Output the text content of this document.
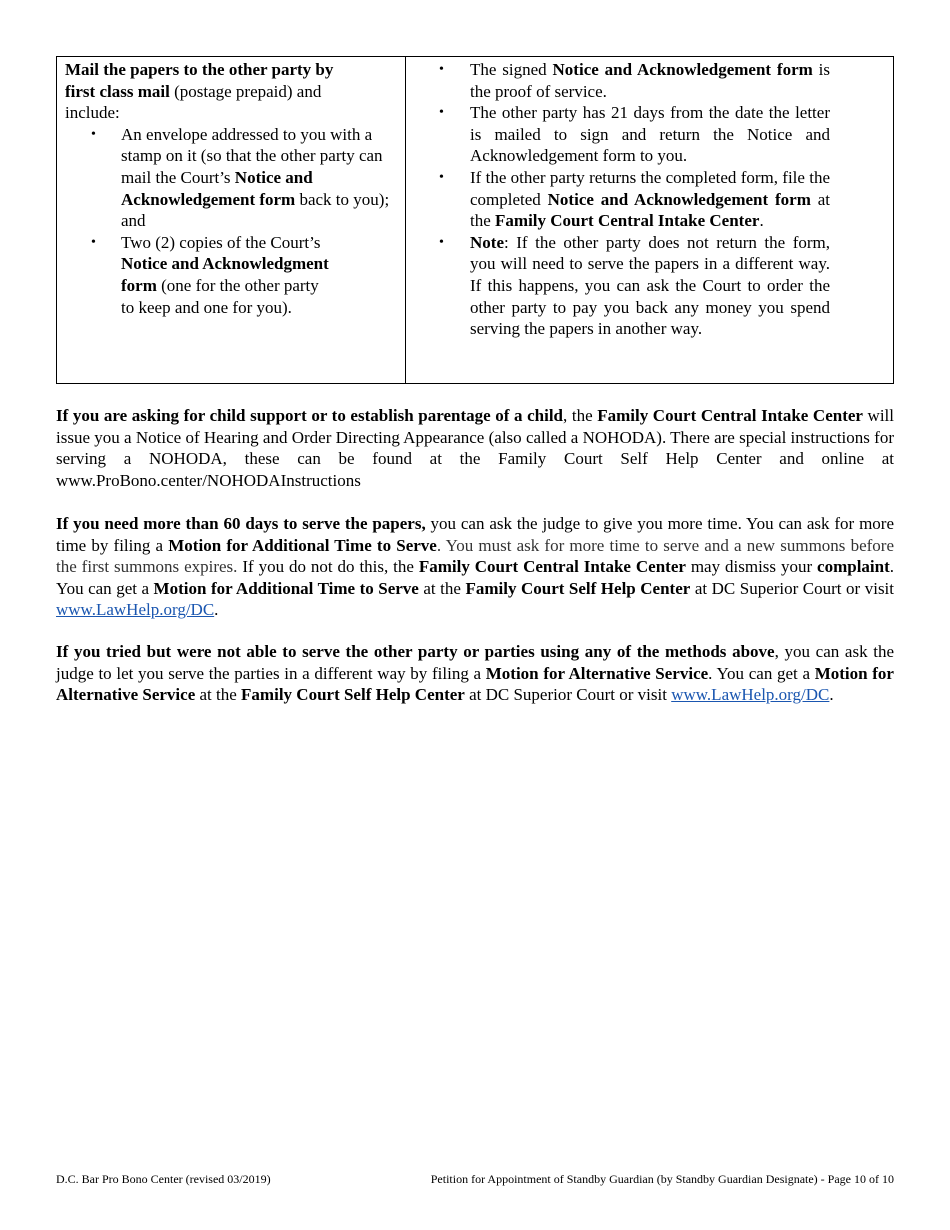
Mail the papers to the other party by first class mail (postage prepaid) and include:
• An envelope addressed to you with a stamp on it (so that the other party can mail the Court’s Notice and Acknowledgement form back to you); and
• Two (2) copies of the Court’s Notice and Acknowledgment form (one for the other party to keep and one for you).
• The signed Notice and Acknowledgement form is the proof of service.
• The other party has 21 days from the date the letter is mailed to sign and return the Notice and Acknowledgement form to you.
• If the other party returns the completed form, file the completed Notice and Acknowledgement form at the Family Court Central Intake Center.
• Note: If the other party does not return the form, you will need to serve the papers in a different way. If this happens, you can ask the Court to order the other party to pay you back any money you spend serving the papers in another way.
If you are asking for child support or to establish parentage of a child, the Family Court Central Intake Center will issue you a Notice of Hearing and Order Directing Appearance (also called a NOHODA). There are special instructions for serving a NOHODA, these can be found at the Family Court Self Help Center and online at www.ProBono.center/NOHODAInstructions
If you need more than 60 days to serve the papers, you can ask the judge to give you more time. You can ask for more time by filing a Motion for Additional Time to Serve. You must ask for more time to serve and a new summons before the first summons expires. If you do not do this, the Family Court Central Intake Center may dismiss your complaint. You can get a Motion for Additional Time to Serve at the Family Court Self Help Center at DC Superior Court or visit www.LawHelp.org/DC.
If you tried but were not able to serve the other party or parties using any of the methods above, you can ask the judge to let you serve the parties in a different way by filing a Motion for Alternative Service. You can get a Motion for Alternative Service at the Family Court Self Help Center at DC Superior Court or visit www.LawHelp.org/DC.
D.C. Bar Pro Bono Center (revised 03/2019)	Petition for Appointment of Standby Guardian (by Standby Guardian Designate) - Page 10 of 10
